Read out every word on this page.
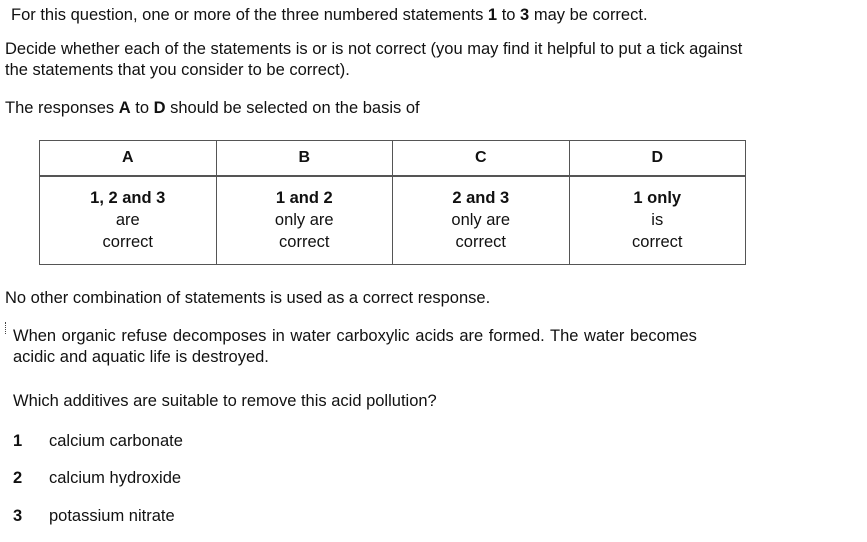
For this question, one or more of the three numbered statements 1 to 3 may be correct.
Decide whether each of the statements is or is not correct (you may find it helpful to put a tick against
the statements that you consider to be correct).
The responses A to D should be selected on the basis of
A	B	C	D

1, 2 and 3
are
correct	1 and 2
only are
correct	2 and 3
only are
correct	1 only
is
correct
No other combination of statements is used as a correct response.
When organic refuse decomposes in water carboxylic acids are formed. The water becomes
acidic and aquatic life is destroyed.
Which additives are suitable to remove this acid pollution?
1 calcium carbonate
2 calcium hydroxide
3 potassium nitrate
